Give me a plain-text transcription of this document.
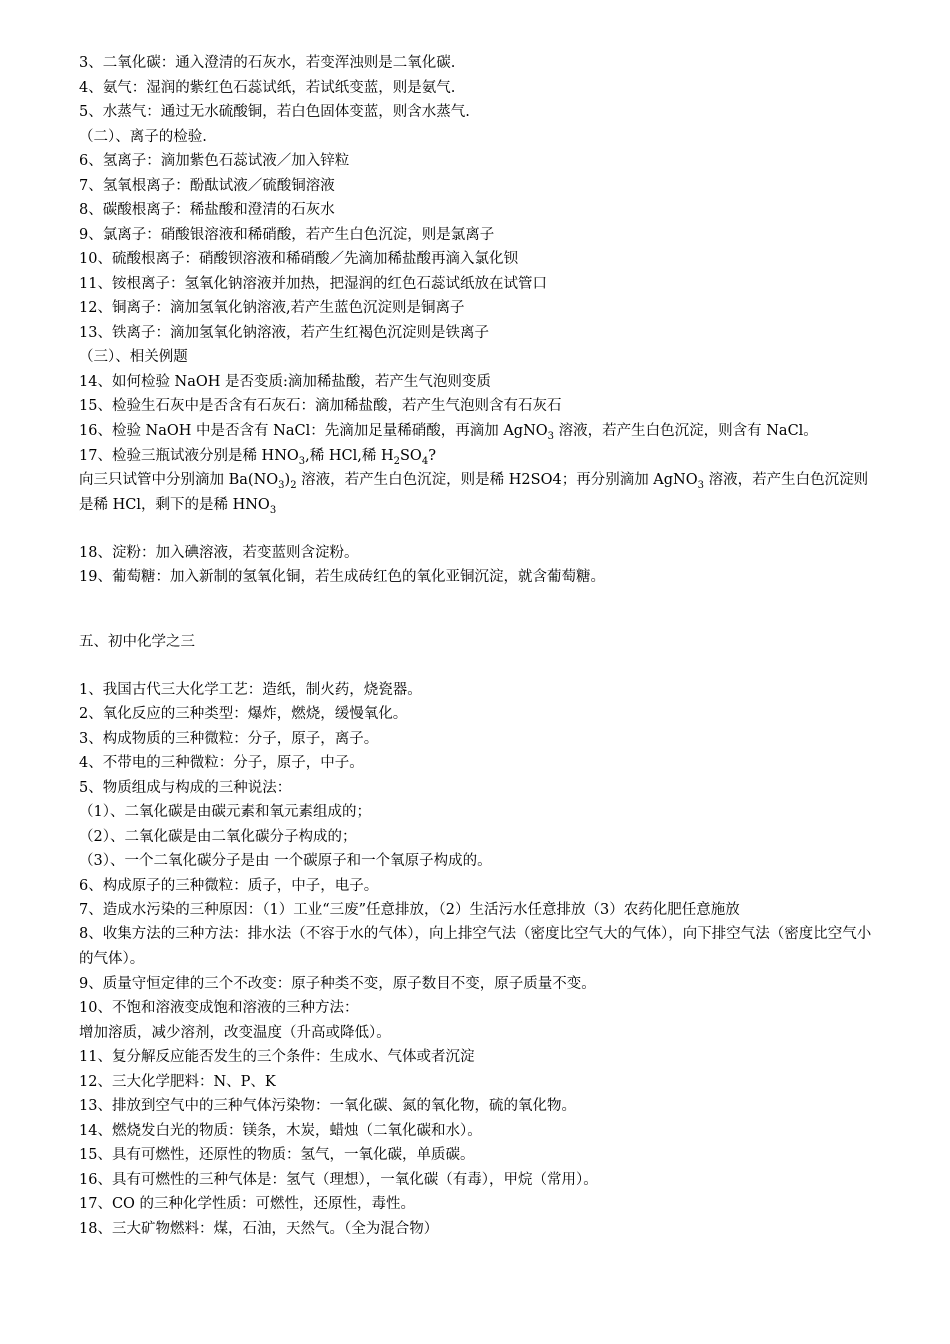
3、二氧化碳：通入澄清的石灰水，若变浑浊则是二氧化碳.
4、氨气：湿润的紫红色石蕊试纸，若试纸变蓝，则是氨气.
5、水蒸气：通过无水硫酸铜，若白色固体变蓝，则含水蒸气.
（二）、离子的检验.
6、氢离子：滴加紫色石蕊试液／加入锌粒
7、氢氧根离子：酚酞试液／硫酸铜溶液
8、碳酸根离子：稀盐酸和澄清的石灰水
9、氯离子：硝酸银溶液和稀硝酸，若产生白色沉淀，则是氯离子
10、硫酸根离子：硝酸钡溶液和稀硝酸／先滴加稀盐酸再滴入氯化钡
11、铵根离子：氢氧化钠溶液并加热，把湿润的红色石蕊试纸放在试管口
12、铜离子：滴加氢氧化钠溶液,若产生蓝色沉淀则是铜离子
13、铁离子：滴加氢氧化钠溶液，若产生红褐色沉淀则是铁离子
（三）、相关例题
14、如何检验 NaOH 是否变质:滴加稀盐酸，若产生气泡则变质
15、检验生石灰中是否含有石灰石：滴加稀盐酸，若产生气泡则含有石灰石
16、检验 NaOH 中是否含有 NaCl：先滴加足量稀硝酸，再滴加 AgNO$_3$ 溶液，若产生白色沉淀，则含有 NaCl。
17、检验三瓶试液分别是稀 $HNO_3$,稀 HCl,稀 $H_2SO_4$?
向三只试管中分别滴加 $Ba(NO_3)_2$ 溶液，若产生白色沉淀，则是稀 H2SO4；再分别滴加 AgNO$_3$ 溶液，若产生白色沉淀则是稀 HCl，剩下的是稀 $HNO_3$
18、淀粉：加入碘溶液，若变蓝则含淀粉。
19、葡萄糖：加入新制的氢氧化铜，若生成砖红色的氧化亚铜沉淀，就含葡萄糖。
五、初中化学之三
1、我国古代三大化学工艺：造纸，制火药，烧瓷器。
2、氧化反应的三种类型：爆炸，燃烧，缓慢氧化。
3、构成物质的三种微粒：分子，原子，离子。
4、不带电的三种微粒：分子，原子，中子。
5、物质组成与构成的三种说法：
（1）、二氧化碳是由碳元素和氧元素组成的；
（2）、二氧化碳是由二氧化碳分子构成的；
（3）、一个二氧化碳分子是由 一个碳原子和一个氧原子构成的。
6、构成原子的三种微粒：质子，中子，电子。
7、造成水污染的三种原因：（1）工业“三废”任意排放，（2）生活污水任意排放（3）农药化肥任意施放
8、收集方法的三种方法：排水法（不容于水的气体），向上排空气法（密度比空气大的气体），向下排空气法（密度比空气小的气体）。
9、质量守恒定律的三个不改变：原子种类不变，原子数目不变，原子质量不变。
10、不饱和溶液变成饱和溶液的三种方法：
增加溶质，减少溶剂，改变温度（升高或降低）。
11、复分解反应能否发生的三个条件：生成水、气体或者沉淀
12、三大化学肥料：N、P、K
13、排放到空气中的三种气体污染物：一氧化碳、氮的氧化物，硫的氧化物。
14、燃烧发白光的物质：镁条，木炭，蜡烛（二氧化碳和水）。
15、具有可燃性，还原性的物质：氢气，一氧化碳，单质碳。
16、具有可燃性的三种气体是：氢气（理想），一氧化碳（有毒），甲烷（常用）。
17、CO 的三种化学性质：可燃性，还原性，毒性。
18、三大矿物燃料：煤，石油，天然气。（全为混合物）
